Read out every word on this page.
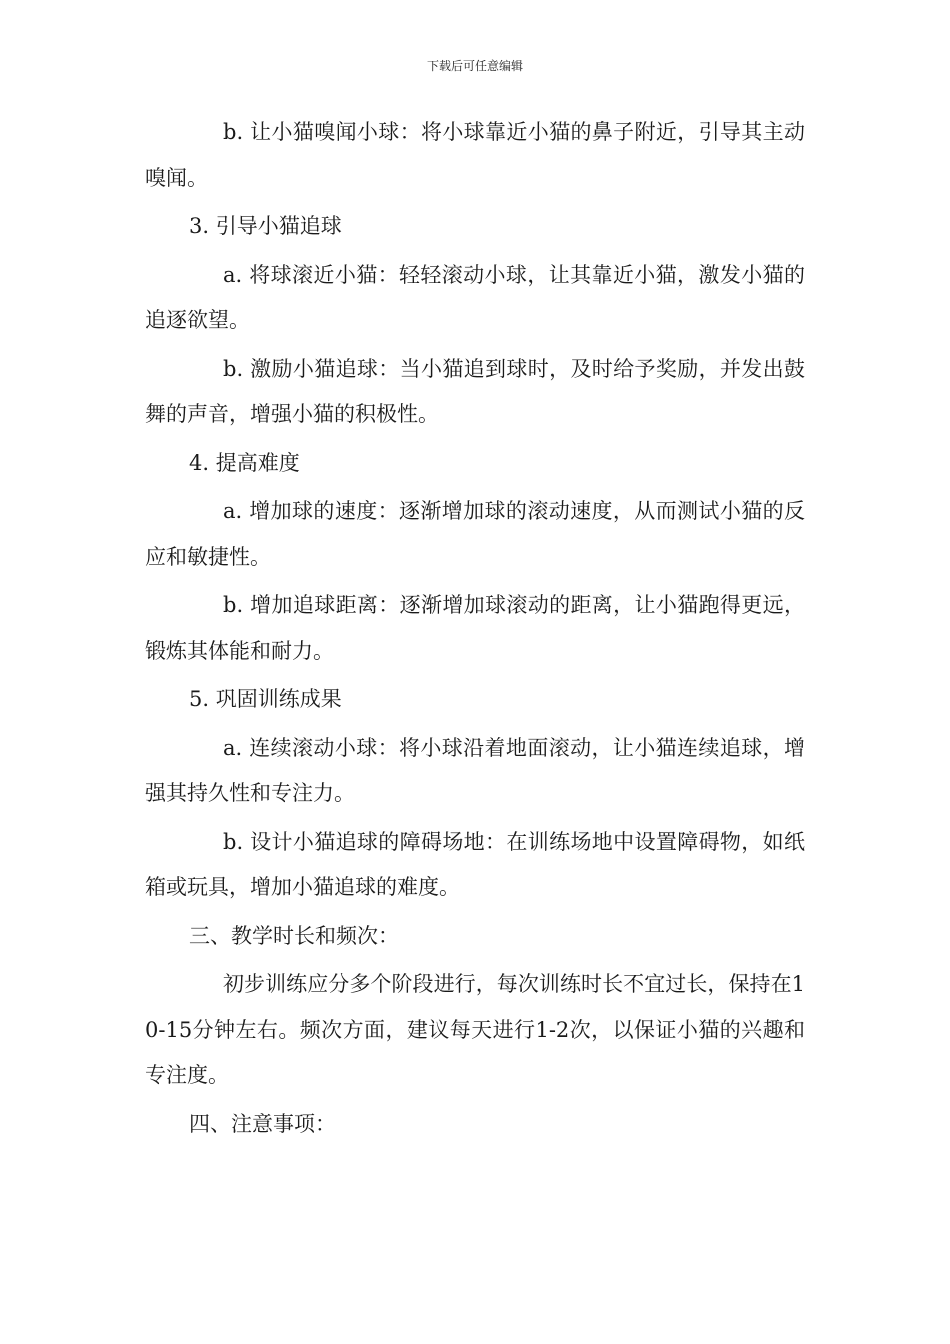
下载后可任意编辑

b. 让小猫嗅闻小球：将小球靠近小猫的鼻子附近，引导其主动嗅闻。

3. 引导小猫追球

a. 将球滚近小猫：轻轻滚动小球，让其靠近小猫，激发小猫的追逐欲望。

b. 激励小猫追球：当小猫追到球时，及时给予奖励，并发出鼓舞的声音，增强小猫的积极性。

4. 提高难度

a. 增加球的速度：逐渐增加球的滚动速度，从而测试小猫的反应和敏捷性。

b. 增加追球距离：逐渐增加球滚动的距离，让小猫跑得更远，锻炼其体能和耐力。

5. 巩固训练成果

a. 连续滚动小球：将小球沿着地面滚动，让小猫连续追球，增强其持久性和专注力。

b. 设计小猫追球的障碍场地：在训练场地中设置障碍物，如纸箱或玩具，增加小猫追球的难度。

三、教学时长和频次：

初步训练应分多个阶段进行，每次训练时长不宜过长，保持在10-15分钟左右。频次方面，建议每天进行1-2次，以保证小猫的兴趣和专注度。

四、注意事项：
